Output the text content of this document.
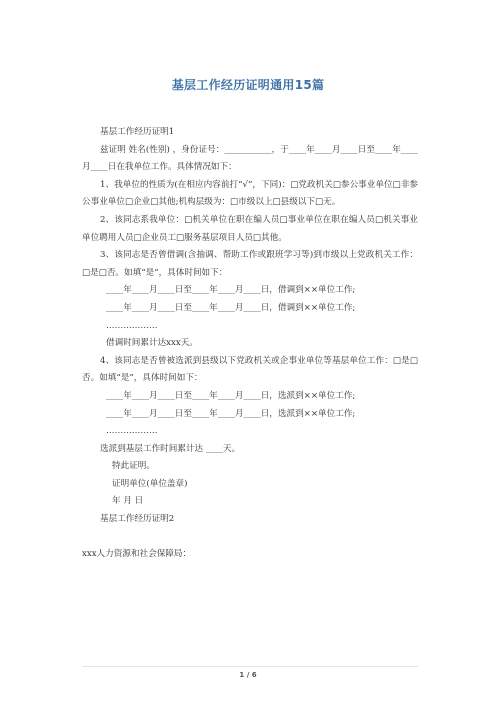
基层工作经历证明通用15篇

基层工作经历证明1

兹证明 姓名(性别) ，身份证号：___________，于____年____月____日至____年____月____日在我单位工作。具体情况如下：

1、我单位的性质为(在相应内容前打“√”，下同)：□党政机关□参公事业单位□非参公事业单位□企业□其他;机构层级为：□市级以上□县级以下□无。

2、该同志系我单位：□机关单位在职在编人员□事业单位在职在编人员□机关事业单位聘用人员□企业员工□服务基层项目人员□其他。

3、该同志是否曾借调(含抽调、帮助工作或跟班学习等)到市级以上党政机关工作：□是□否。如填“是”，具体时间如下：

____年____月____日至____年____月____日，借调到××单位工作;

____年____月____日至____年____月____日，借调到××单位工作;

………………

借调时间累计达xxx天。

4、该同志是否曾被选派到县级以下党政机关或企事业单位等基层单位工作：□是□否。如填“是”，具体时间如下：

____年____月____日至____年____月____日，选派到××单位工作;

____年____月____日至____年____月____日，选派到××单位工作;

………………

选派到基层工作时间累计达 ____天。

特此证明。

证明单位(单位盖章)

年 月 日

基层工作经历证明2

xxx人力资源和社会保障局：

1 / 6
